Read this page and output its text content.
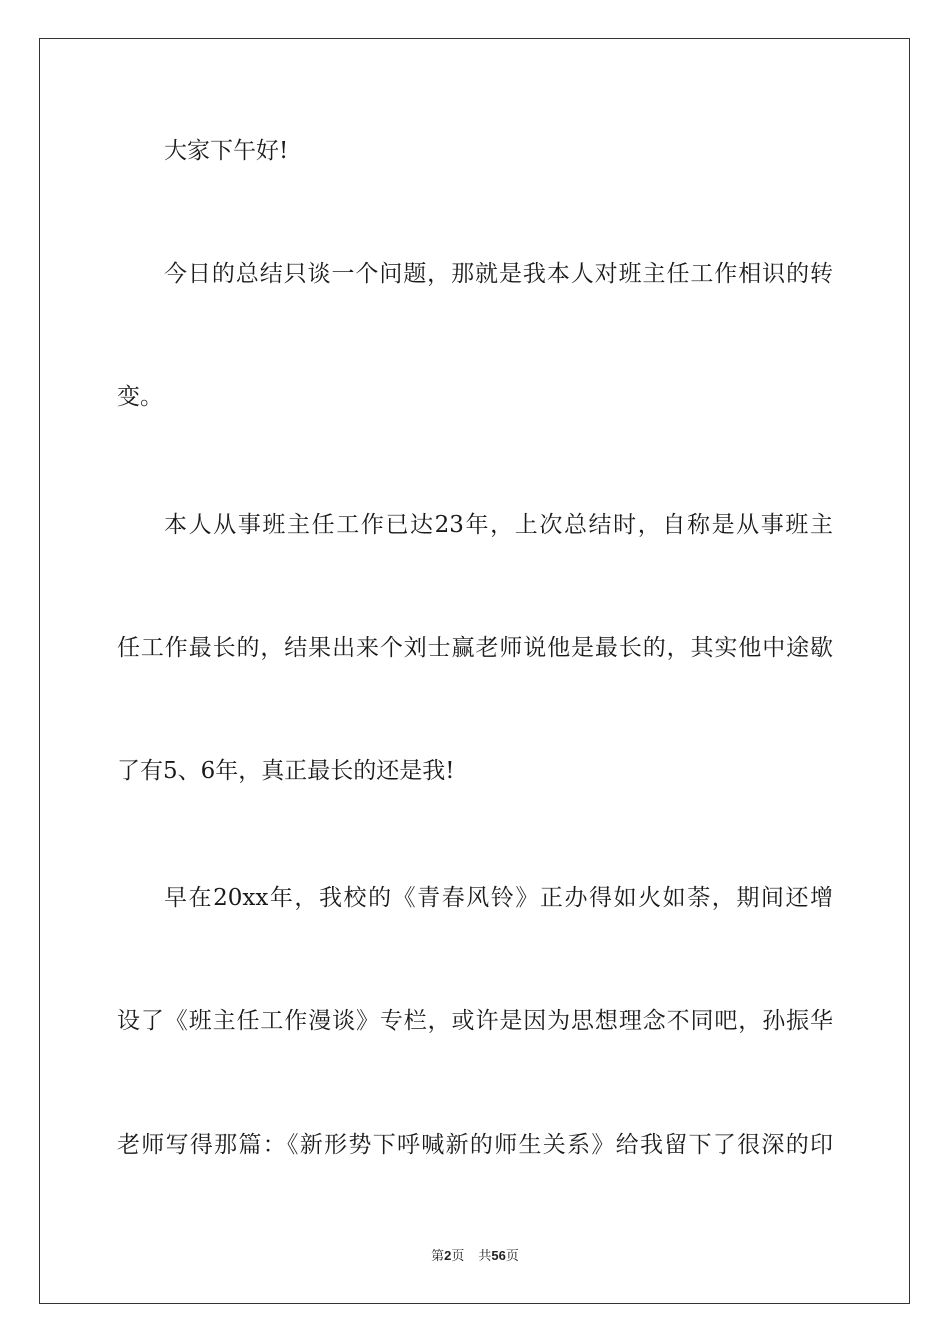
大家下午好!
今日的总结只谈一个问题，那就是我本人对班主任工作相识的转
变。
本人从事班主任工作已达23年，上次总结时，自称是从事班主
任工作最长的，结果出来个刘士赢老师说他是最长的，其实他中途歇
了有5、6年，真正最长的还是我!
早在20xx年，我校的《青春风铃》正办得如火如荼，期间还增
设了《班主任工作漫谈》专栏，或许是因为思想理念不同吧，孙振华
老师写得那篇：《新形势下呼喊新的师生关系》给我留下了很深的印
第2页 共56页
